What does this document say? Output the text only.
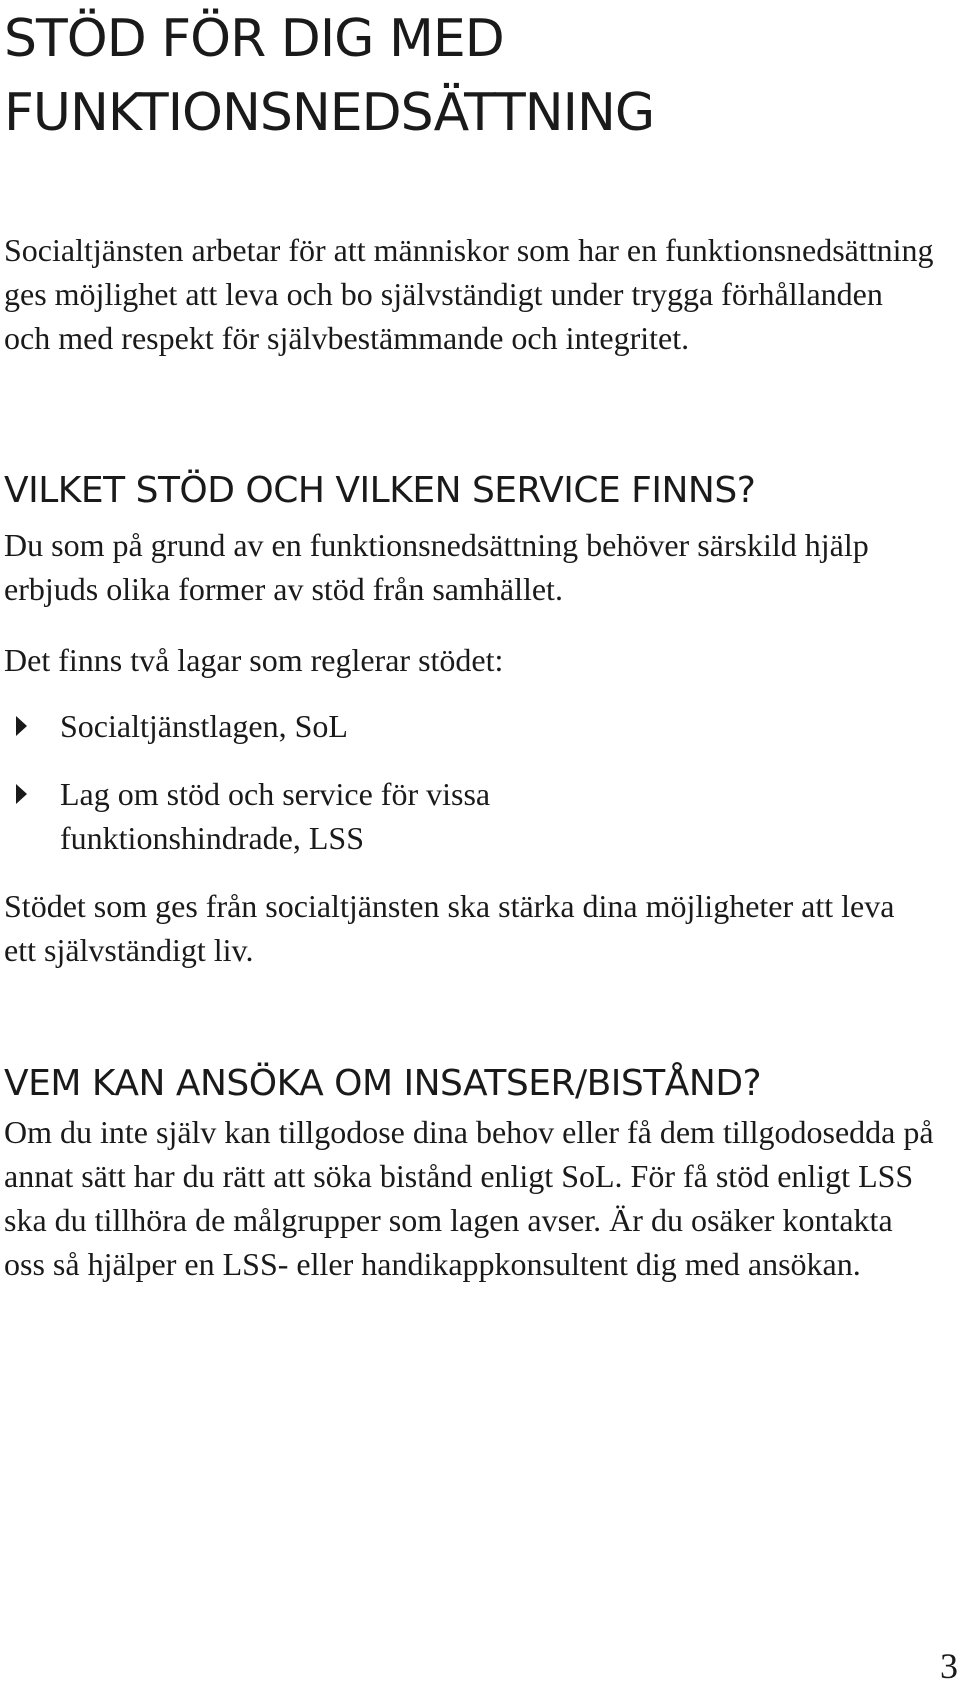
STÖD FÖR DIG MED
FUNKTIONSNEDSÄTTNING

Socialtjänsten arbetar för att människor som har en funktionsnedsättning ges möjlighet att leva och bo självständigt under trygga förhållanden och med respekt för självbestämmande och integritet.

VILKET STÖD OCH VILKEN SERVICE FINNS?

Du som på grund av en funktionsnedsättning behöver särskild hjälp erbjuds olika former av stöd från samhället.

Det finns två lagar som reglerar stödet:

Socialtjänstlagen, SoL
Lag om stöd och service för vissa funktionshindrade, LSS

Stödet som ges från socialtjänsten ska stärka dina möjligheter att leva ett självständigt liv.

VEM KAN ANSÖKA OM INSATSER/BISTÅND?

Om du inte själv kan tillgodose dina behov eller få dem tillgodosedda på annat sätt har du rätt att söka bistånd enligt SoL. För få stöd enligt LSS ska du tillhöra de målgrupper som lagen avser. Är du osäker kontakta oss så hjälper en LSS- eller handikappkonsultent dig med ansökan.

3
